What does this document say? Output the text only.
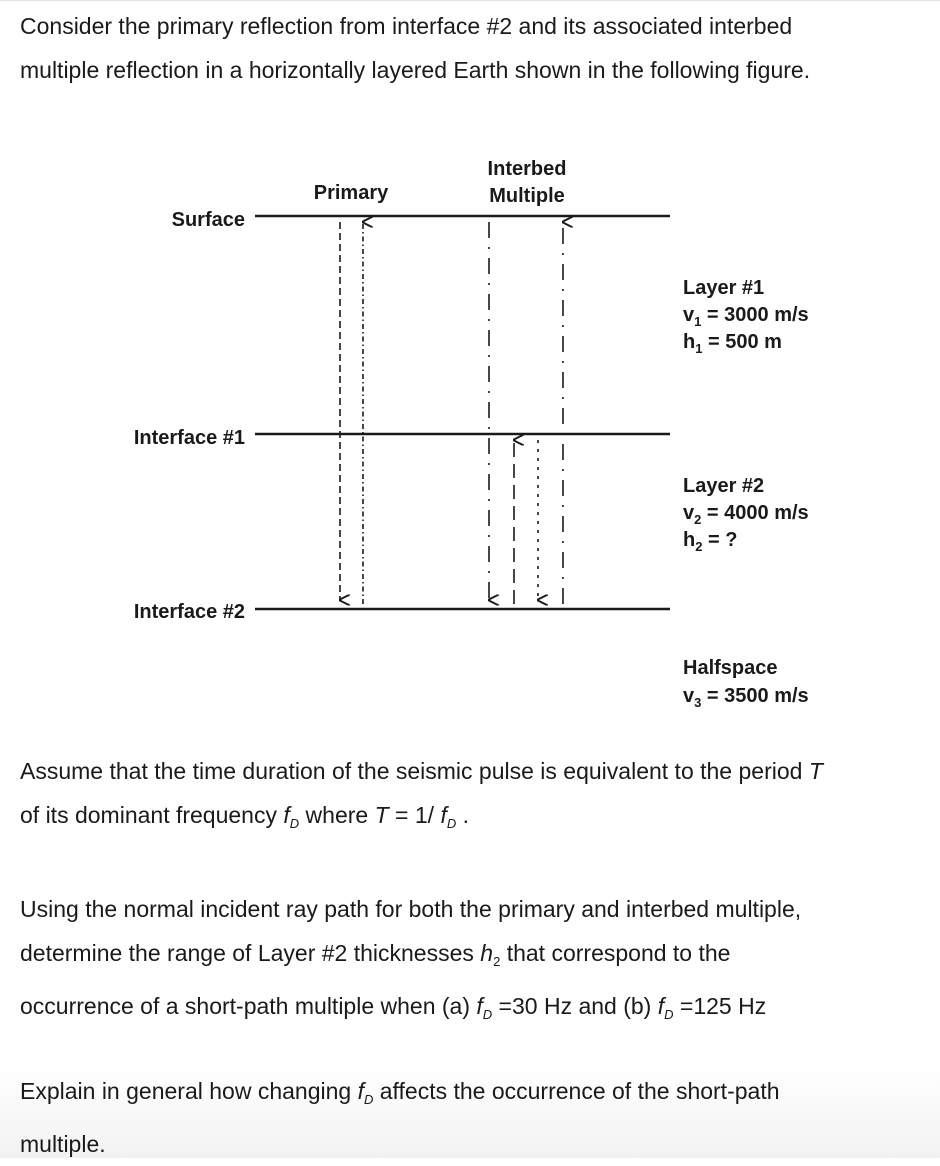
Consider the primary reflection from interface #2 and its associated interbed
multiple reflection in a horizontally layered Earth shown in the following figure.

Primary
Interbed
Multiple
Surface
Interface #1
Interface #2
Layer #1
$v_1 = 3000$ m/s
$h_1 = 500$ m
Layer #2
$v_2 = 4000$ m/s
$h_2$ = ?
Halfspace
$v_3 = 3500$ m/s

Assume that the time duration of the seismic pulse is equivalent to the period T
of its dominant frequency $f_D$ where T = 1/ $f_D$ .

Using the normal incident ray path for both the primary and interbed multiple,
determine the range of Layer #2 thicknesses $h_2$ that correspond to the
occurrence of a short-path multiple when (a) $f_D =30$ Hz and (b) $f_D =125$ Hz

Explain in general how changing $f_D$ affects the occurrence of the short-path
multiple.
